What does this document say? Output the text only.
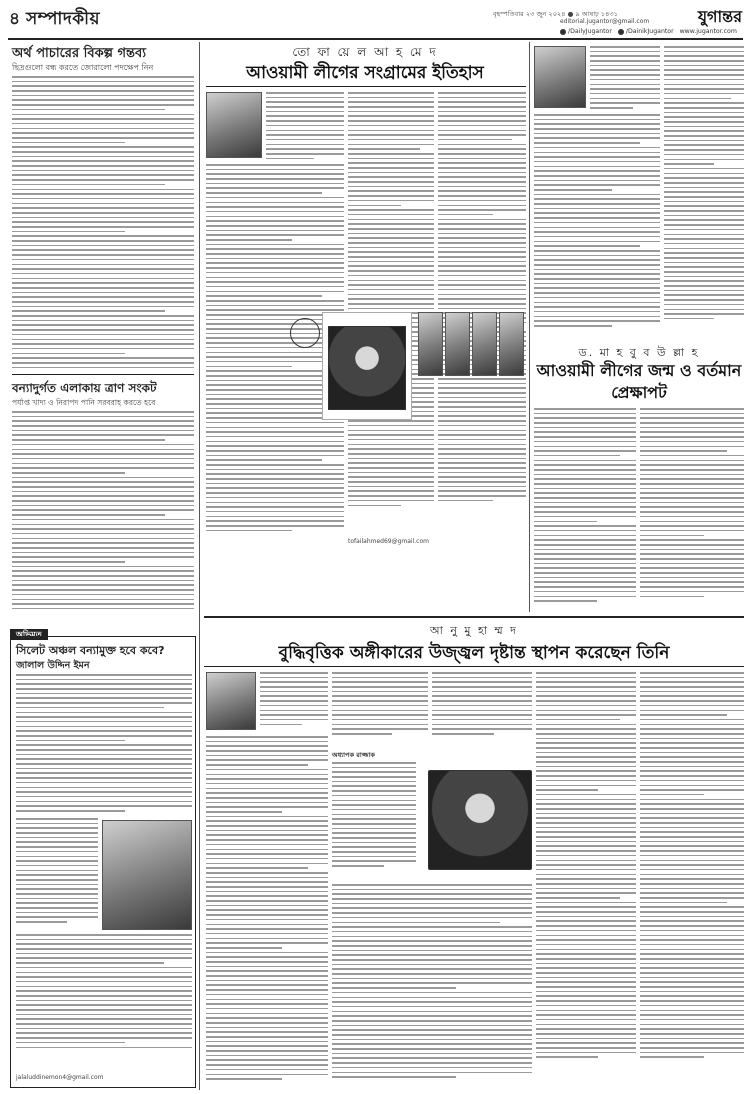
৪ সম্পাদকীয়	বৃহস্পতিবার ২৩ জুন ২০২৪ ● ৯ আষাঢ় ১৪৩১
editorial.jugantor@gmail.com	যুগান্তর
/DailyJugantor /DainikJugantor www.jugantor.com
অর্থ পাচারের বিকল্প গন্তব্য
ছিদ্রগুলো বন্ধ করতে জোরালো পদক্ষেপ নিন
বন্যাদুর্গত এলাকায় ত্রাণ সংকট
পর্যাপ্ত খাদ্য ও নিরাপদ পানি সরবরাহ করতে হবে
অভিমত
সিলেট অঞ্চল বন্যামুক্ত হবে কবে?
জালাল উদ্দিন ইমন
jalaluddinemon4@gmail.com
তো ফা য়ে ল আ হ মে দ
আওয়ামী লীগের সংগ্রামের ইতিহাস
tofailahmed69@gmail.com
ড. মা হ বু ব উ ল্লা হ
আওয়ামী লীগের জন্ম ও বর্তমান প্রেক্ষাপট
আ নু মু হা ম্ম দ
বুদ্ধিবৃত্তিক অঙ্গীকারের উজ্জ্বল দৃষ্টান্ত স্থাপন করেছেন তিনি
অধ্যাপক রাজ্জাক
